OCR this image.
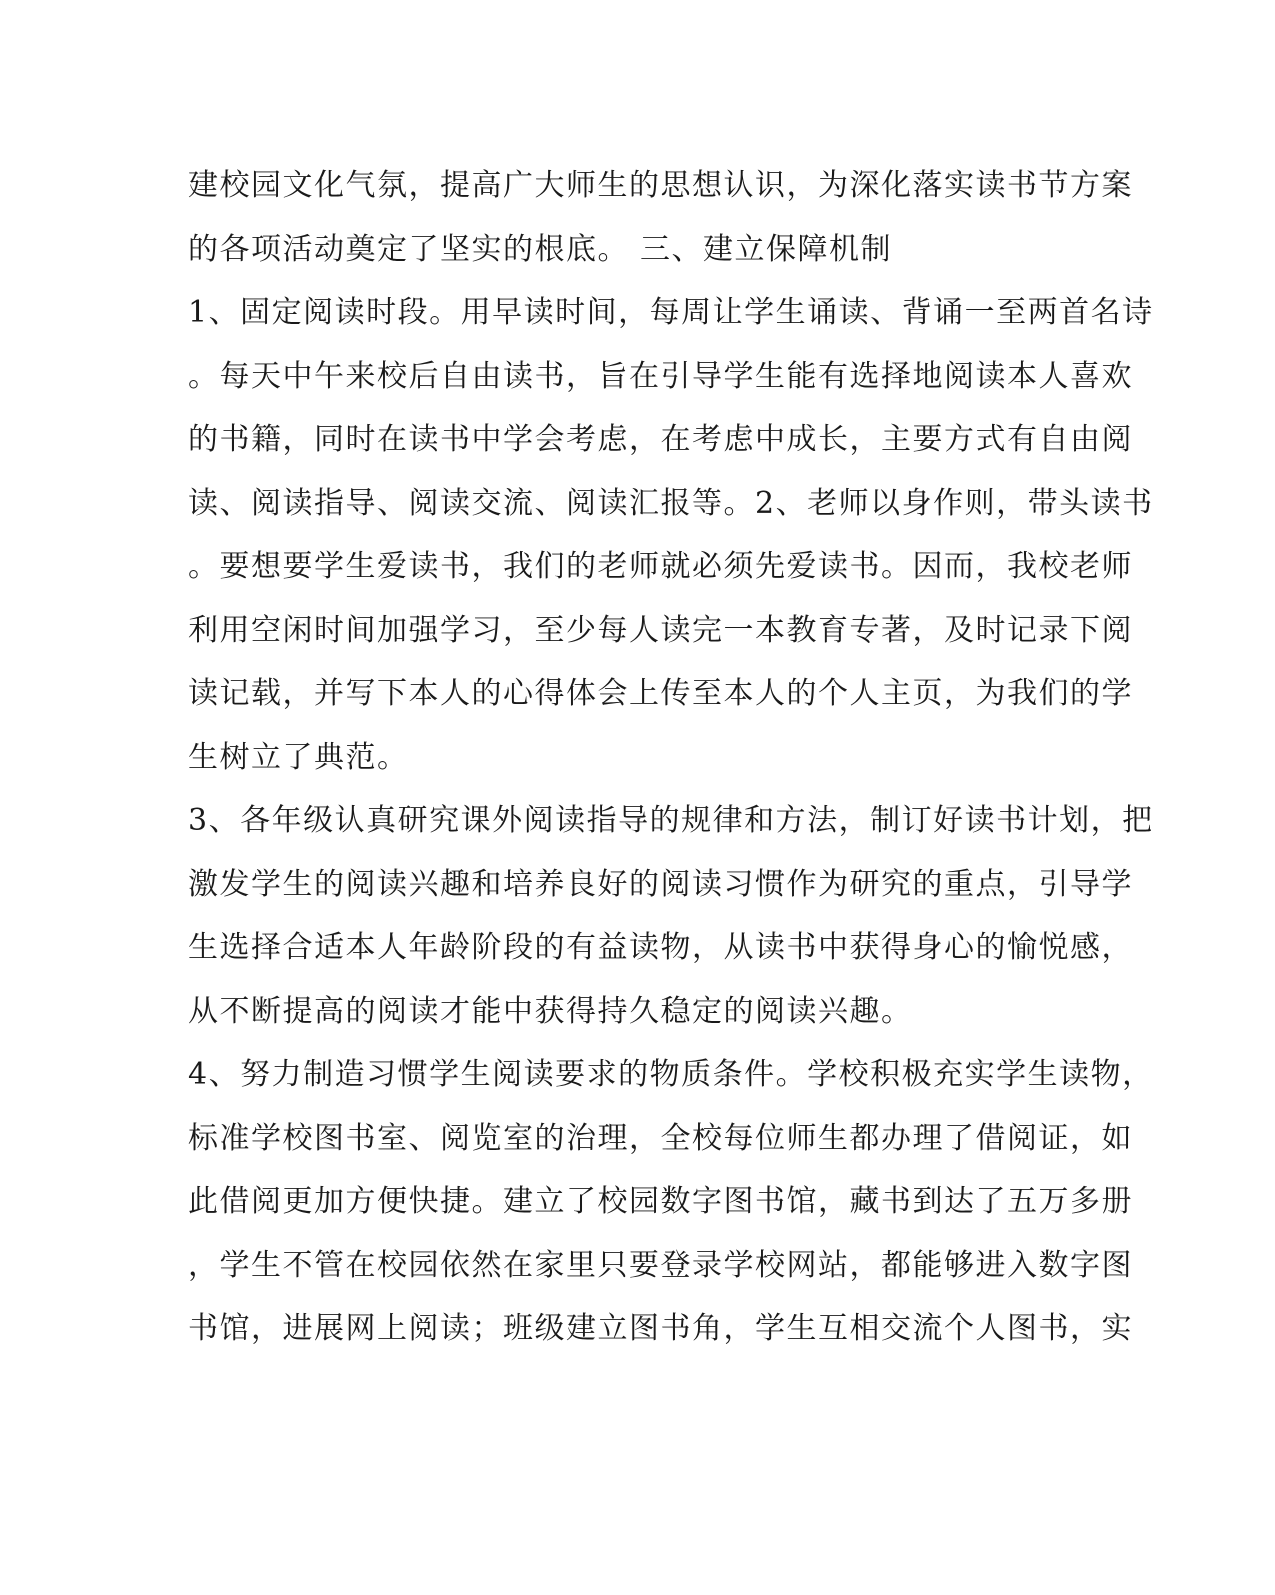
建校园文化气氛，提高广大师生的思想认识，为深化落实读书节方案
的各项活动奠定了坚实的根底。 三、建立保障机制
1、固定阅读时段。用早读时间，每周让学生诵读、背诵一至两首名诗
。每天中午来校后自由读书，旨在引导学生能有选择地阅读本人喜欢
的书籍，同时在读书中学会考虑，在考虑中成长，主要方式有自由阅
读、阅读指导、阅读交流、阅读汇报等。2、老师以身作则，带头读书
。要想要学生爱读书，我们的老师就必须先爱读书。因而，我校老师
利用空闲时间加强学习，至少每人读完一本教育专著，及时记录下阅
读记载，并写下本人的心得体会上传至本人的个人主页，为我们的学
生树立了典范。
3、各年级认真研究课外阅读指导的规律和方法，制订好读书计划，把
激发学生的阅读兴趣和培养良好的阅读习惯作为研究的重点，引导学
生选择合适本人年龄阶段的有益读物，从读书中获得身心的愉悦感，
从不断提高的阅读才能中获得持久稳定的阅读兴趣。
4、努力制造习惯学生阅读要求的物质条件。学校积极充实学生读物，
标准学校图书室、阅览室的治理，全校每位师生都办理了借阅证，如
此借阅更加方便快捷。建立了校园数字图书馆，藏书到达了五万多册
，学生不管在校园依然在家里只要登录学校网站，都能够进入数字图
书馆，进展网上阅读；班级建立图书角，学生互相交流个人图书，实
